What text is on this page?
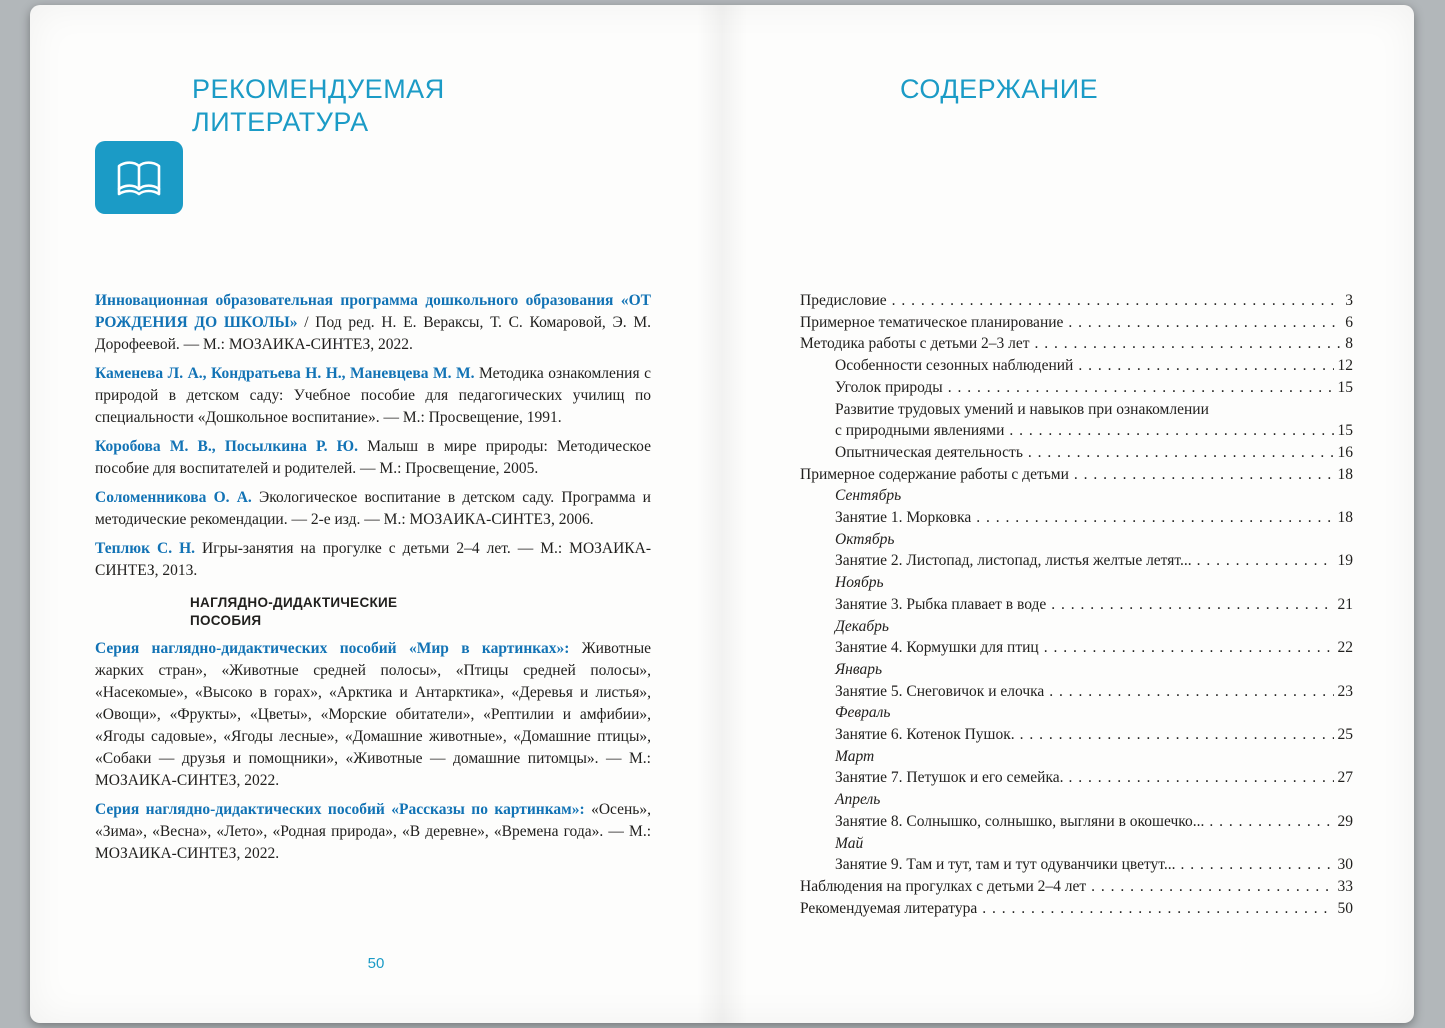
РЕКОМЕНДУЕМАЯ
ЛИТЕРАТУРА

Инновационная образовательная программа дошкольного образования «ОТ РОЖДЕНИЯ ДО ШКОЛЫ» / Под ред. Н. Е. Вераксы, Т. С. Комаровой, Э. М. Дорофеевой. — М.: МОЗАИКА-СИНТЕЗ, 2022.

Каменева Л. А., Кондратьева Н. Н., Маневцева М. М. Методика ознакомления с природой в детском саду: Учебное пособие для педагогических училищ по специальности «Дошкольное воспитание». — М.: Просвещение, 1991.

Коробова М. В., Посылкина Р. Ю. Малыш в мире природы: Методическое пособие для воспитателей и родителей. — М.: Просвещение, 2005.

Соломенникова О. А. Экологическое воспитание в детском саду. Программа и методические рекомендации. — 2-е изд. — М.: МОЗАИКА-СИНТЕЗ, 2006.

Теплюк С. Н. Игры-занятия на прогулке с детьми 2–4 лет. — М.: МОЗАИКА-СИНТЕЗ, 2013.

НАГЛЯДНО-ДИДАКТИЧЕСКИЕ
ПОСОБИЯ

Серия наглядно-дидактических пособий «Мир в картинках»: Животные жарких стран», «Животные средней полосы», «Птицы средней полосы», «Насекомые», «Высоко в горах», «Арктика и Антарктика», «Деревья и листья», «Овощи», «Фрукты», «Цветы», «Морские обитатели», «Рептилии и амфибии», «Ягоды садовые», «Ягоды лесные», «Домашние животные», «Домашние птицы», «Собаки — друзья и помощники», «Животные — домашние питомцы». — М.: МОЗАИКА-СИНТЕЗ, 2022.

Серия наглядно-дидактических пособий «Рассказы по картинкам»: «Осень», «Зима», «Весна», «Лето», «Родная природа», «В деревне», «Времена года». — М.: МОЗАИКА-СИНТЕЗ, 2022.

50
СОДЕРЖАНИЕ
Предисловие . . .	3
Примерное тематическое планирование . . .	6
Методика работы с детьми 2–3 лет . . .	8
Особенности сезонных наблюдений . . .	12
Уголок природы . . .	15
Развитие трудовых умений и навыков при ознакомлении
с природными явлениями . . .	15
Опытническая деятельность . . .	16
Примерное содержание работы с детьми . . .	18
Сентябрь
Занятие 1. Морковка . . .	18
Октябрь
Занятие 2. Листопад, листопад, листья желтые летят... . . .	19
Ноябрь
Занятие 3. Рыбка плавает в воде . . .	21
Декабрь
Занятие 4. Кормушки для птиц . . .	22
Январь
Занятие 5. Снеговичок и елочка . . .	23
Февраль
Занятие 6. Котенок Пушок. . . .	25
Март
Занятие 7. Петушок и его семейка. . . .	27
Апрель
Занятие 8. Солнышко, солнышко, выгляни в окошечко... . . .	29
Май
Занятие 9. Там и тут, там и тут одуванчики цветут... . . .	30
Наблюдения на прогулках с детьми 2–4 лет . . .	33
Рекомендуемая литература . . .	50
